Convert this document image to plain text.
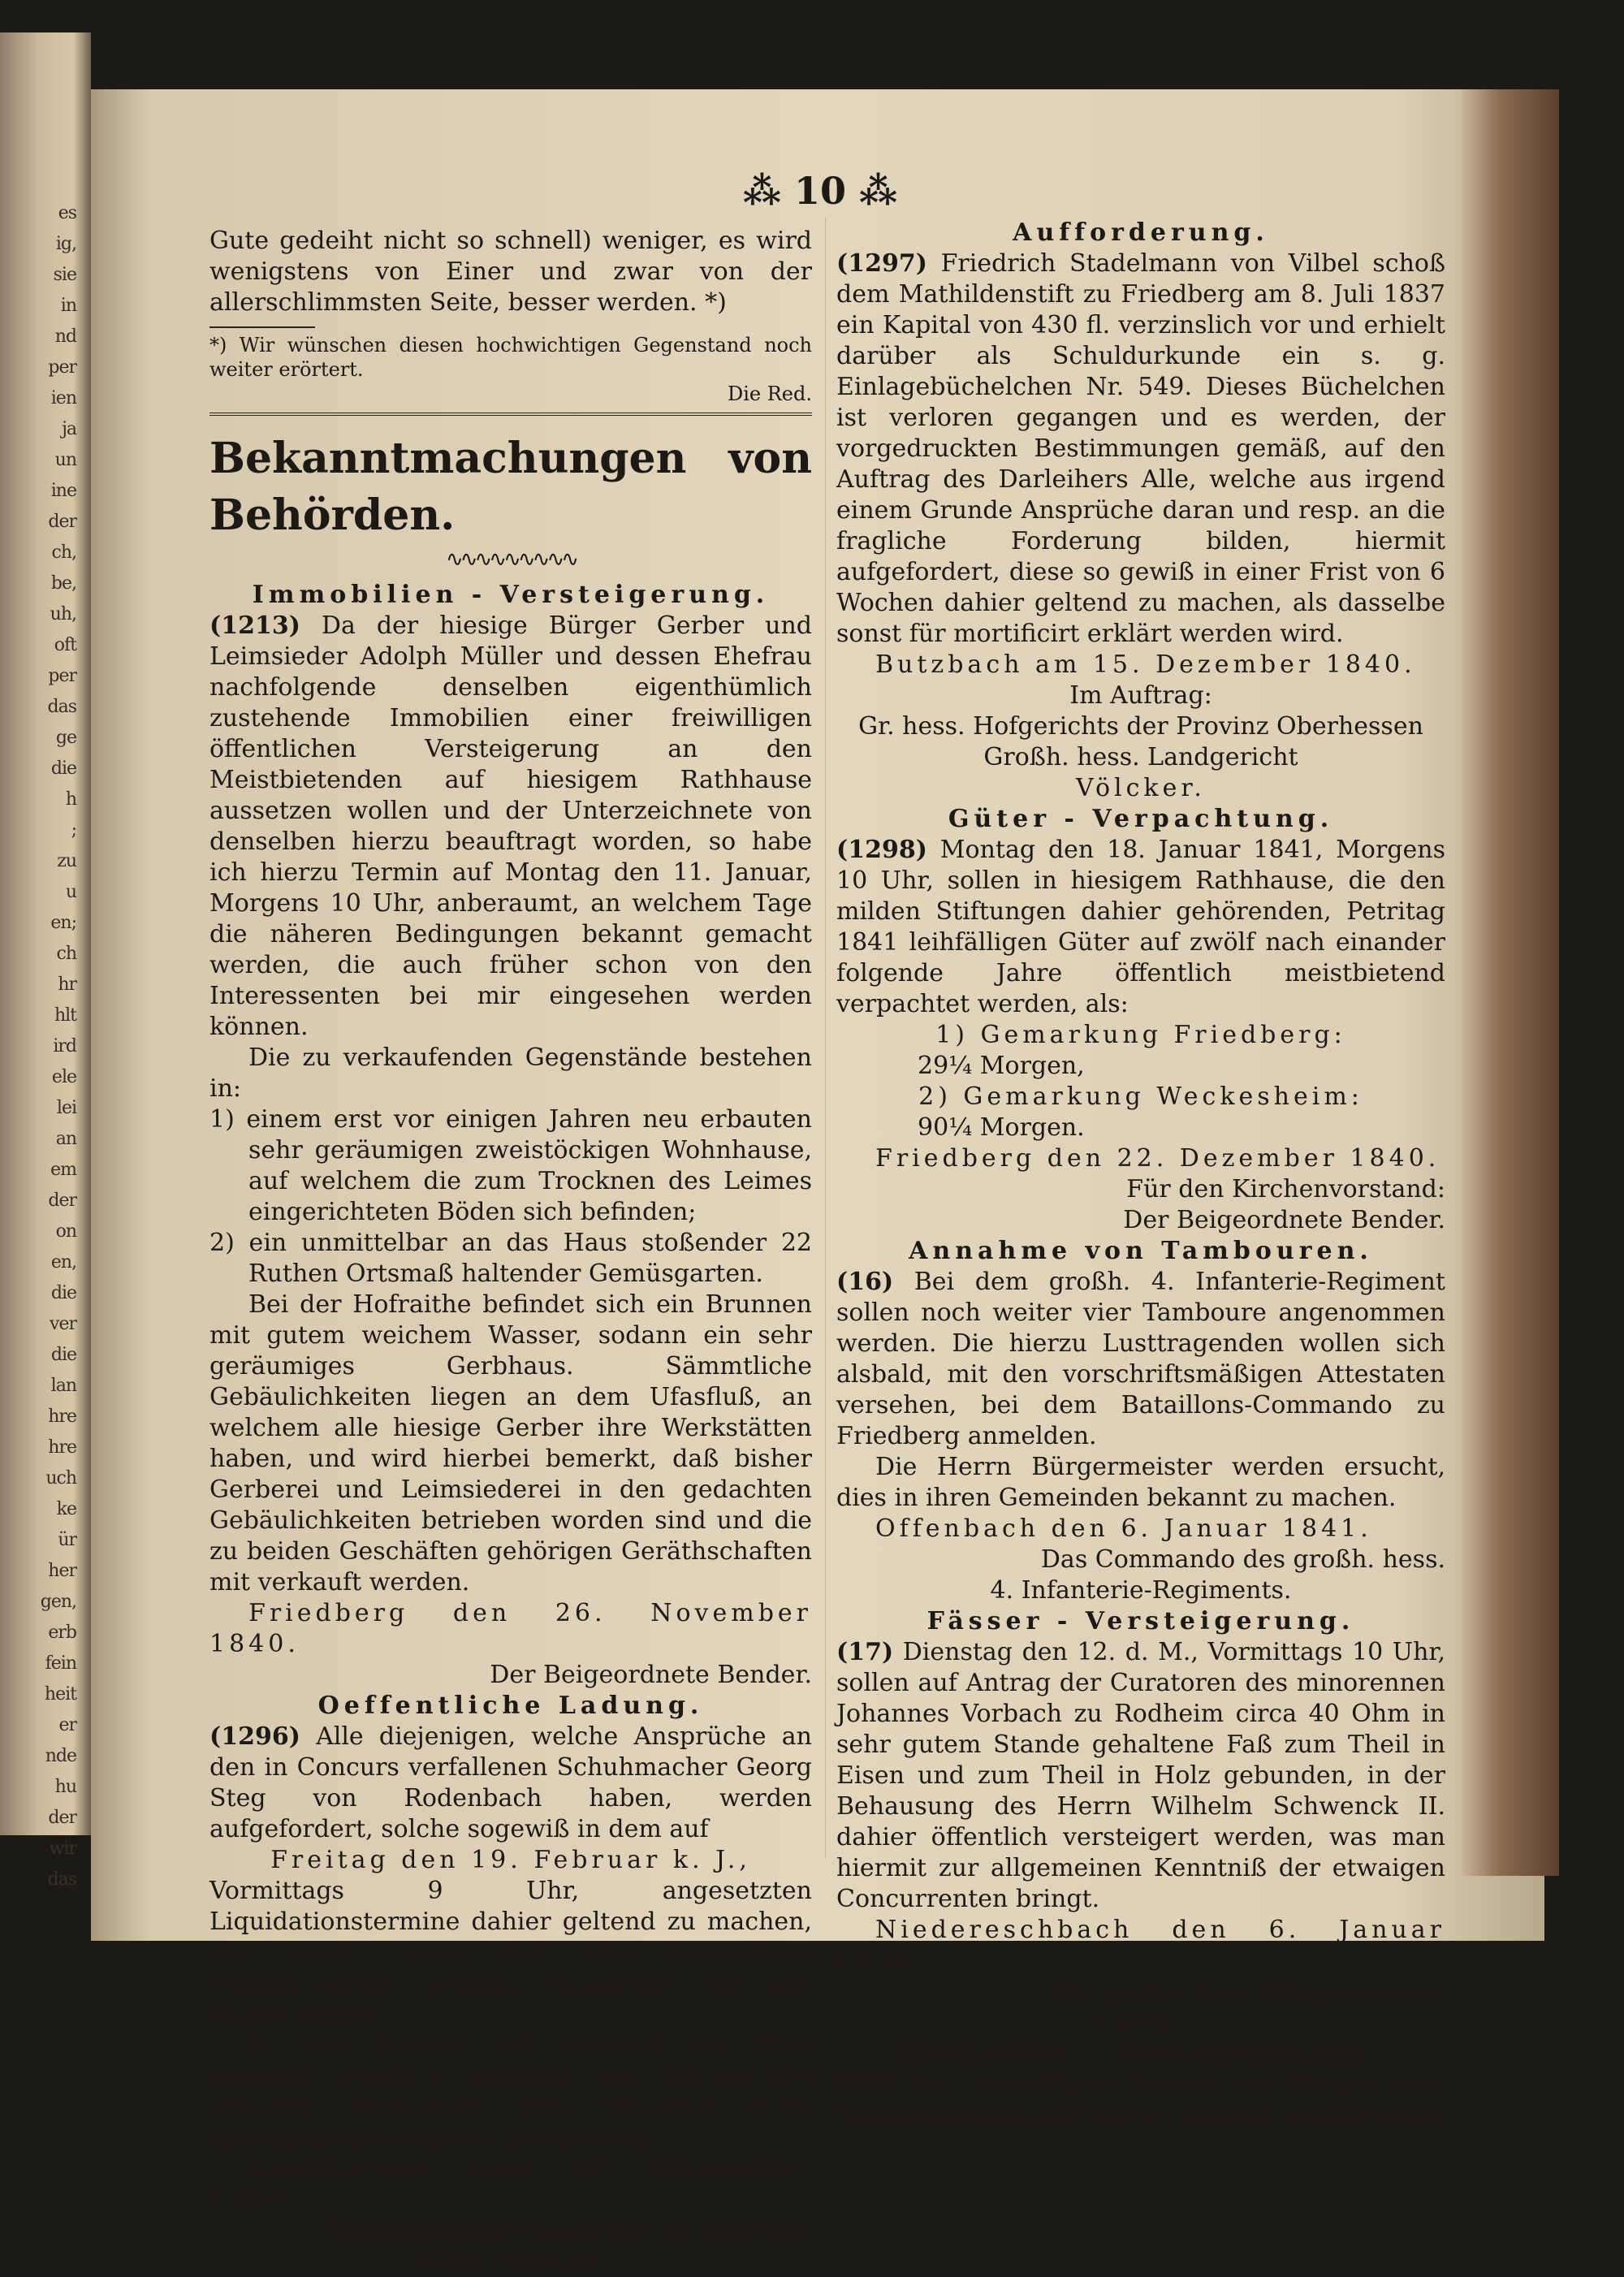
es
ig,
sie
in
nd
per
ien
ja
un
ine
der
ch,
be,
uh,
oft
per
das
ge
die
h
;
zu
u
en;
ch
hr
hlt
ird
ele
lei
an
em
der
on
en,
die
ver
die
lan
hre
hre
uch
ke
ür
her
gen,
erb
fein
heit
er
nde
hu
der
wir
das
⁂ 10 ⁂

Gute gedeiht nicht so schnell) weniger, es wird wenigstens von Einer und zwar von der allerschlimmsten Seite, besser werden. *)

*) Wir wünschen diesen hochwichtigen Gegenstand noch weiter erörtert.

Die Red.

Bekanntmachungen von Behörden.

∿∿∿∿∿∿∿∿∿

Immobilien - Versteigerung.

(1213) Da der hiesige Bürger Gerber und Leimsieder Adolph Müller und dessen Ehefrau nachfolgende denselben eigenthümlich zustehende Immobilien einer freiwilligen öffentlichen Versteigerung an den Meistbietenden auf hiesigem Rathhause aussetzen wollen und der Unterzeichnete von denselben hierzu beauftragt worden, so habe ich hierzu Termin auf Montag den 11. Januar, Morgens 10 Uhr, anberaumt, an welchem Tage die näheren Bedingungen bekannt gemacht werden, die auch früher schon von den Interessenten bei mir eingesehen werden können.

Die zu verkaufenden Gegenstände bestehen in:

1) einem erst vor einigen Jahren neu erbauten sehr geräumigen zweistöckigen Wohnhause, auf welchem die zum Trocknen des Leimes eingerichteten Böden sich befinden;

2) ein unmittelbar an das Haus stoßender 22 Ruthen Ortsmaß haltender Gemüsgarten.

Bei der Hofraithe befindet sich ein Brunnen mit gutem weichem Wasser, sodann ein sehr geräumiges Gerbhaus. Sämmtliche Gebäulichkeiten liegen an dem Ufasfluß, an welchem alle hiesige Gerber ihre Werkstätten haben, und wird hierbei bemerkt, daß bisher Gerberei und Leimsiederei in den gedachten Gebäulichkeiten betrieben worden sind und die zu beiden Geschäften gehörigen Geräthschaften mit verkauft werden.

Friedberg den 26. November 1840.

Der Beigeordnete Bender.

Oeffentliche Ladung.

(1296) Alle diejenigen, welche Ansprüche an den in Concurs verfallenen Schuhmacher Georg Steg von Rodenbach haben, werden aufgefordert, solche sogewiß in dem auf

Freitag den 19. Februar k. J.,

Vormittags 9 Uhr, angesetzten Liquidationstermine dahier geltend zu machen, als sonst, ohne daß ein besonderes Präclusivdecret erfolgt, Ausschluß von der Masse eintritt.

In dem Termin soll zugleich die Güte versucht werden, weßhalb die Vollmachten etwaiger Mandatare zum Abschluß eines Arrangements ermächtigen müssen.

Großkarben den 10. Dezember 1840.

Großherzoglich hessisches Landgericht

Muhl. Schmidt.

Aufforderung.

(1297) Friedrich Stadelmann von Vilbel schoß dem Mathildenstift zu Friedberg am 8. Juli 1837 ein Kapital von 430 fl. verzinslich vor und erhielt darüber als Schuldurkunde ein s. g. Einlagebüchelchen Nr. 549. Dieses Büchelchen ist verloren gegangen und es werden, der vorgedruckten Bestimmungen gemäß, auf den Auftrag des Darleihers Alle, welche aus irgend einem Grunde Ansprüche daran und resp. an die fragliche Forderung bilden, hiermit aufgefordert, diese so gewiß in einer Frist von 6 Wochen dahier geltend zu machen, als dasselbe sonst für mortificirt erklärt werden wird.

Butzbach am 15. Dezember 1840.

Im Auftrag:

Gr. hess. Hofgerichts der Provinz Oberhessen

Großh. hess. Landgericht

Völcker.

Güter - Verpachtung.

(1298) Montag den 18. Januar 1841, Morgens 10 Uhr, sollen in hiesigem Rathhause, die den milden Stiftungen dahier gehörenden, Petritag 1841 leihfälligen Güter auf zwölf nach einander folgende Jahre öffentlich meistbietend verpachtet werden, als:

1) Gemarkung Friedberg:

29¼ Morgen,

2) Gemarkung Weckesheim:

90¼ Morgen.

Friedberg den 22. Dezember 1840.

Für den Kirchenvorstand:

Der Beigeordnete Bender.

Annahme von Tambouren.

(16) Bei dem großh. 4. Infanterie-Regiment sollen noch weiter vier Tamboure angenommen werden. Die hierzu Lusttragenden wollen sich alsbald, mit den vorschriftsmäßigen Attestaten versehen, bei dem Bataillons-Commando zu Friedberg anmelden.

Die Herrn Bürgermeister werden ersucht, dies in ihren Gemeinden bekannt zu machen.

Offenbach den 6. Januar 1841.

Das Commando des großh. hess.

4. Infanterie-Regiments.

Fässer - Versteigerung.

(17) Dienstag den 12. d. M., Vormittags 10 Uhr, sollen auf Antrag der Curatoren des minorennen Johannes Vorbach zu Rodheim circa 40 Ohm in sehr gutem Stande gehaltene Faß zum Theil in Eisen und zum Theil in Holz gebunden, in der Behausung des Herrn Wilhelm Schwenck II. dahier öffentlich versteigert werden, was man hiermit zur allgemeinen Kenntniß der etwaigen Concurrenten bringt.

Niedereschbach den 6. Januar 1841.

Der großh. hess. Bürgermeister

Fahz.

Hofraithe - Versteigerung.

(18) Auf freiwilligen Antrag der Bürger und Sattler Karl Decher'schen Eheleute soll Dienstag
